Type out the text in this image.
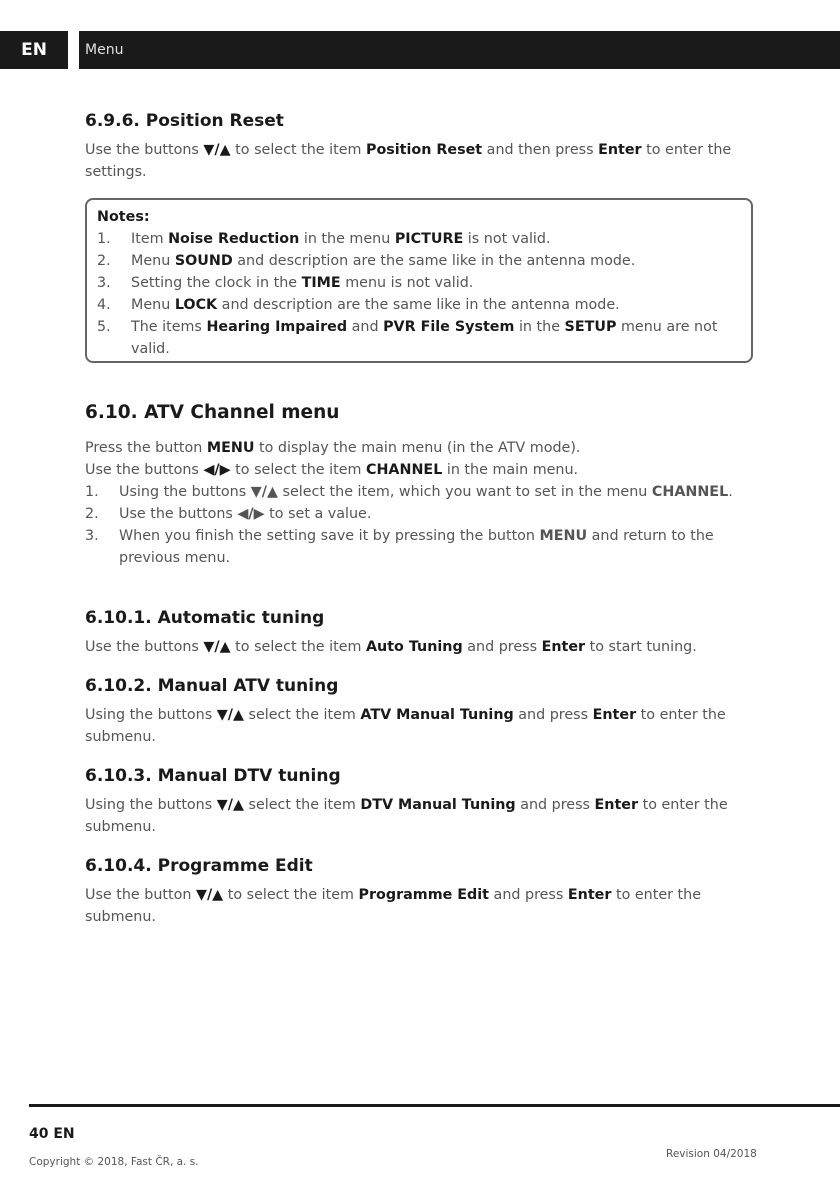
EN	Menu
6.9.6. Position Reset

Use the buttons ▼/▲ to select the item Position Reset and then press Enter to enter the settings.

Notes:
1. Item Noise Reduction in the menu PICTURE is not valid.
2. Menu SOUND and description are the same like in the antenna mode.
3. Setting the clock in the TIME menu is not valid.
4. Menu LOCK and description are the same like in the antenna mode.
5. The items Hearing Impaired and PVR File System in the SETUP menu are not valid.
6.10. ATV Channel menu

Press the button MENU to display the main menu (in the ATV mode).

Use the buttons ◀/▶ to select the item CHANNEL in the main menu.

1. Using the buttons ▼/▲ select the item, which you want to set in the menu CHANNEL.
2. Use the buttons ◀/▶ to set a value.
3. When you finish the setting save it by pressing the button MENU and return to the previous menu.
6.10.1. Automatic tuning

Use the buttons ▼/▲ to select the item Auto Tuning and press Enter to start tuning.

6.10.2. Manual ATV tuning

Using the buttons ▼/▲ select the item ATV Manual Tuning and press Enter to enter the submenu.

6.10.3. Manual DTV tuning

Using the buttons ▼/▲ select the item DTV Manual Tuning and press Enter to enter the submenu.

6.10.4. Programme Edit

Use the button ▼/▲ to select the item Programme Edit and press Enter to enter the submenu.

40 EN
Copyright © 2018, Fast ČR, a. s.
Revision 04/2018
